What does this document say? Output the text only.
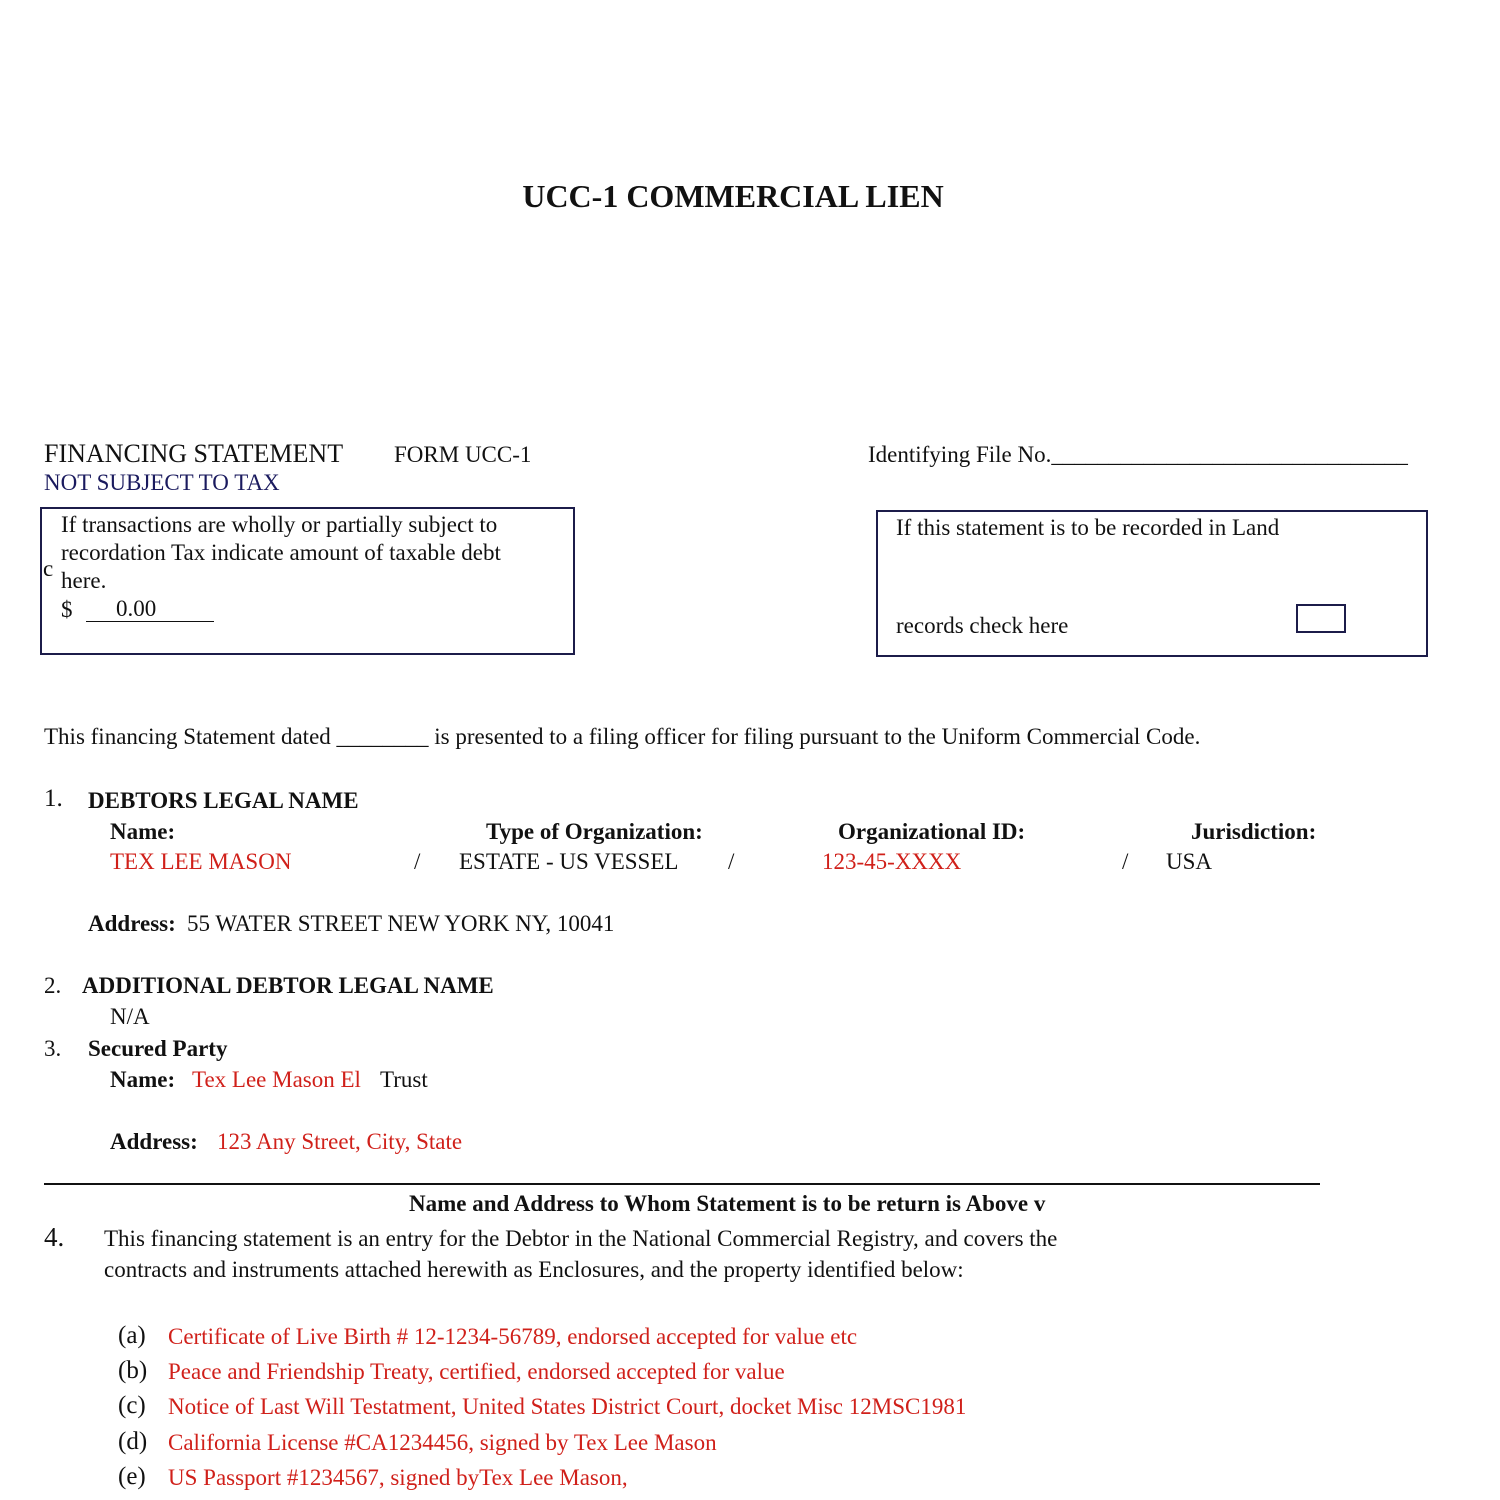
UCC-1 COMMERCIAL LIEN
FINANCING STATEMENT FORM UCC-1	Identifying File No._______________________________
NOT SUBJECT TO TAX
c
If transactions are wholly or partially subject to
recordation Tax indicate amount of taxable debt
here.
$	0.00
If this statement is to be recorded in Land
records check here
This financing Statement dated ________ is presented to a filing officer for filing pursuant to the Uniform Commercial Code.
1. DEBTORS LEGAL NAME
Name:	Type of Organization:	Organizational ID:	Jurisdiction:
TEX LEE MASON	/ ESTATE - US VESSEL /	123-45-XXXX	/ USA
Address: 55 WATER STREET NEW YORK NY, 10041
2. ADDITIONAL DEBTOR LEGAL NAME
N/A
3. Secured Party
Name: Tex Lee Mason El Trust
Address: 123 Any Street, City, State
Name and Address to Whom Statement is to be return is Above v
4. This financing statement is an entry for the Debtor in the National Commercial Registry, and covers the
contracts and instruments attached herewith as Enclosures, and the property identified below:
(a) Certificate of Live Birth # 12-1234-56789, endorsed accepted for value etc
(b) Peace and Friendship Treaty, certified, endorsed accepted for value
(c) Notice of Last Will Testatment, United States District Court, docket Misc 12MSC1981
(d) California License #CA1234456, signed by Tex Lee Mason
(e) US Passport #1234567, signed byTex Lee Mason,
